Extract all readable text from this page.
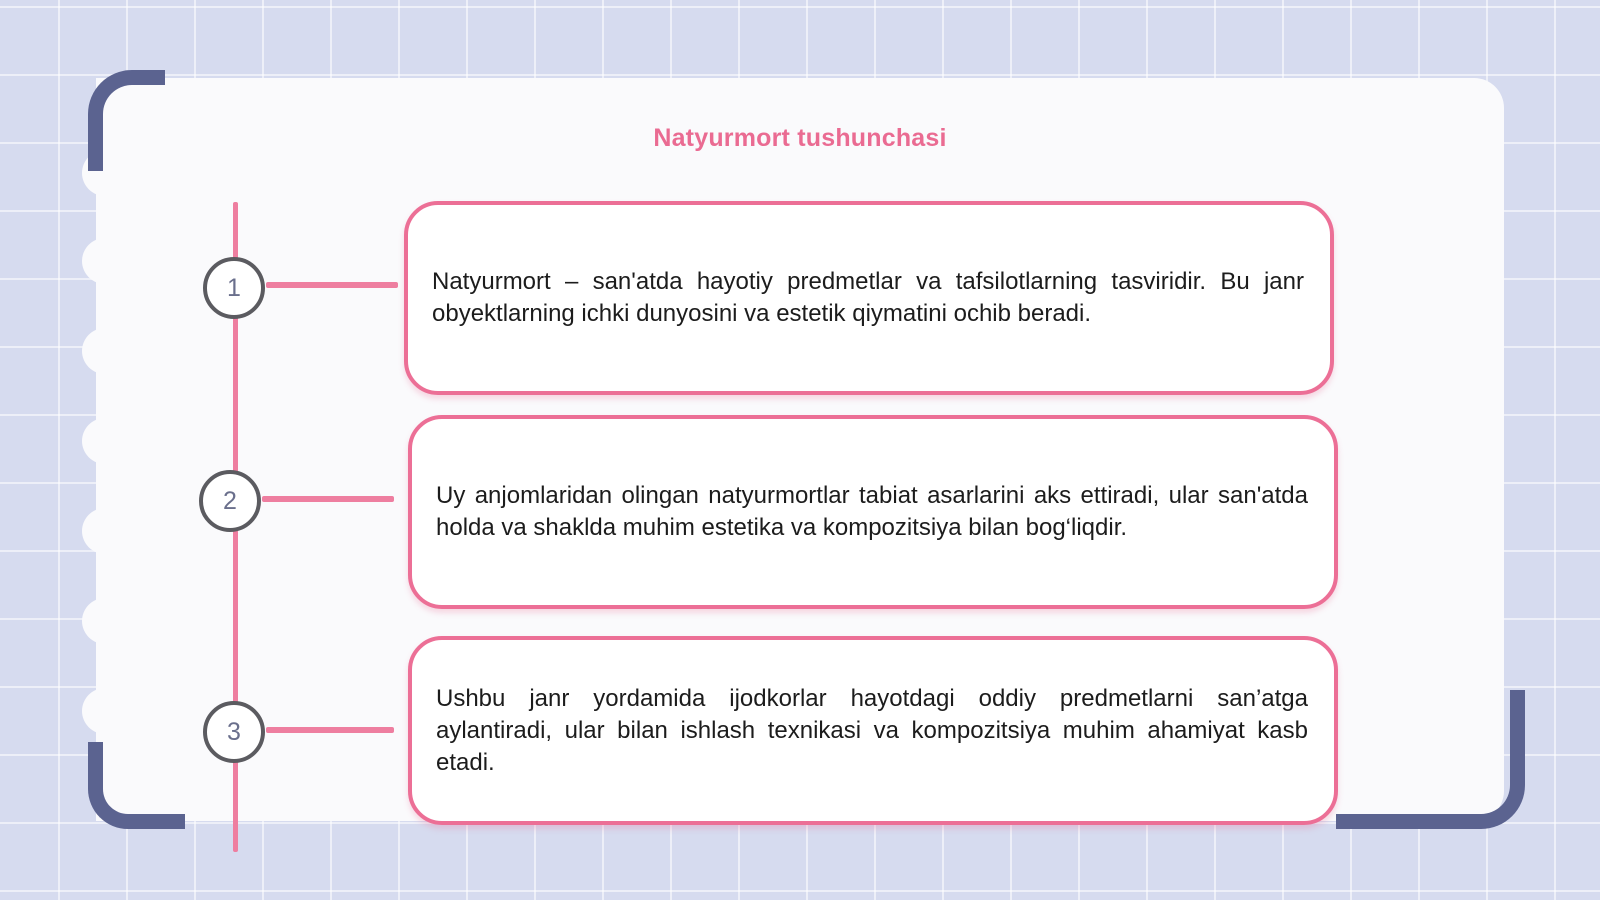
Natyurmort tushunchasi
1
2
3
Natyurmort – san'atda hayotiy predmetlar va tafsilotlarning tasviridir. Bu janr obyektlarning ichki dunyosini va estetik qiymatini ochib beradi.
Uy anjomlaridan olingan natyurmortlar tabiat asarlarini aks ettiradi, ular san'atda holda va shaklda muhim estetika va kompozitsiya bilan bog‘liqdir.
Ushbu janr yordamida ijodkorlar hayotdagi oddiy predmetlarni san’atga aylantiradi, ular bilan ishlash texnikasi va kompozitsiya muhim ahamiyat kasb etadi.
